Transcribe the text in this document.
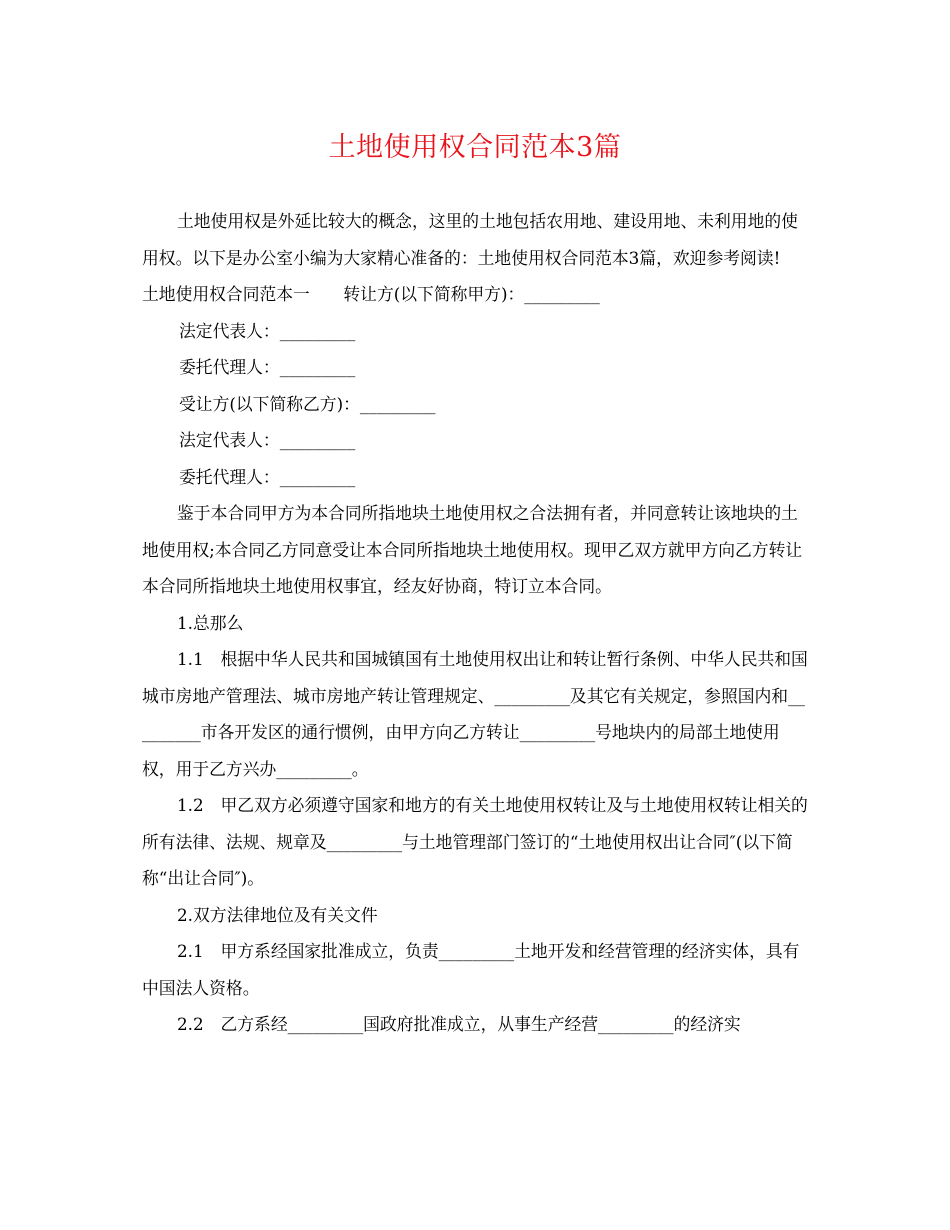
土地使用权合同范本3篇

土地使用权是外延比较大的概念，这里的土地包括农用地、建设用地、未利用地的使用权。以下是办公室小编为大家精心准备的：土地使用权合同范本3篇，欢迎参考阅读!

土地使用权合同范本一　　转让方(以下简称甲方)：_________

法定代表人：_________

委托代理人：_________

受让方(以下简称乙方)：_________

法定代表人：_________

委托代理人：_________

鉴于本合同甲方为本合同所指地块土地使用权之合法拥有者，并同意转让该地块的土地使用权;本合同乙方同意受让本合同所指地块土地使用权。现甲乙双方就甲方向乙方转让本合同所指地块土地使用权事宜，经友好协商，特订立本合同。

1.总那么

1.1　根据中华人民共和国城镇国有土地使用权出让和转让暂行条例、中华人民共和国城市房地产管理法、城市房地产转让管理规定、_________及其它有关规定，参照国内和_________市各开发区的通行惯例，由甲方向乙方转让_________号地块内的局部土地使用权，用于乙方兴办_________。

1.2　甲乙双方必须遵守国家和地方的有关土地使用权转让及与土地使用权转让相关的所有法律、法规、规章及_________与土地管理部门签订的“土地使用权出让合同″(以下简称“出让合同″)。

2.双方法律地位及有关文件

2.1　甲方系经国家批准成立，负责_________土地开发和经营管理的经济实体，具有中国法人资格。

2.2　乙方系经_________国政府批准成立，从事生产经营_________的经济实
